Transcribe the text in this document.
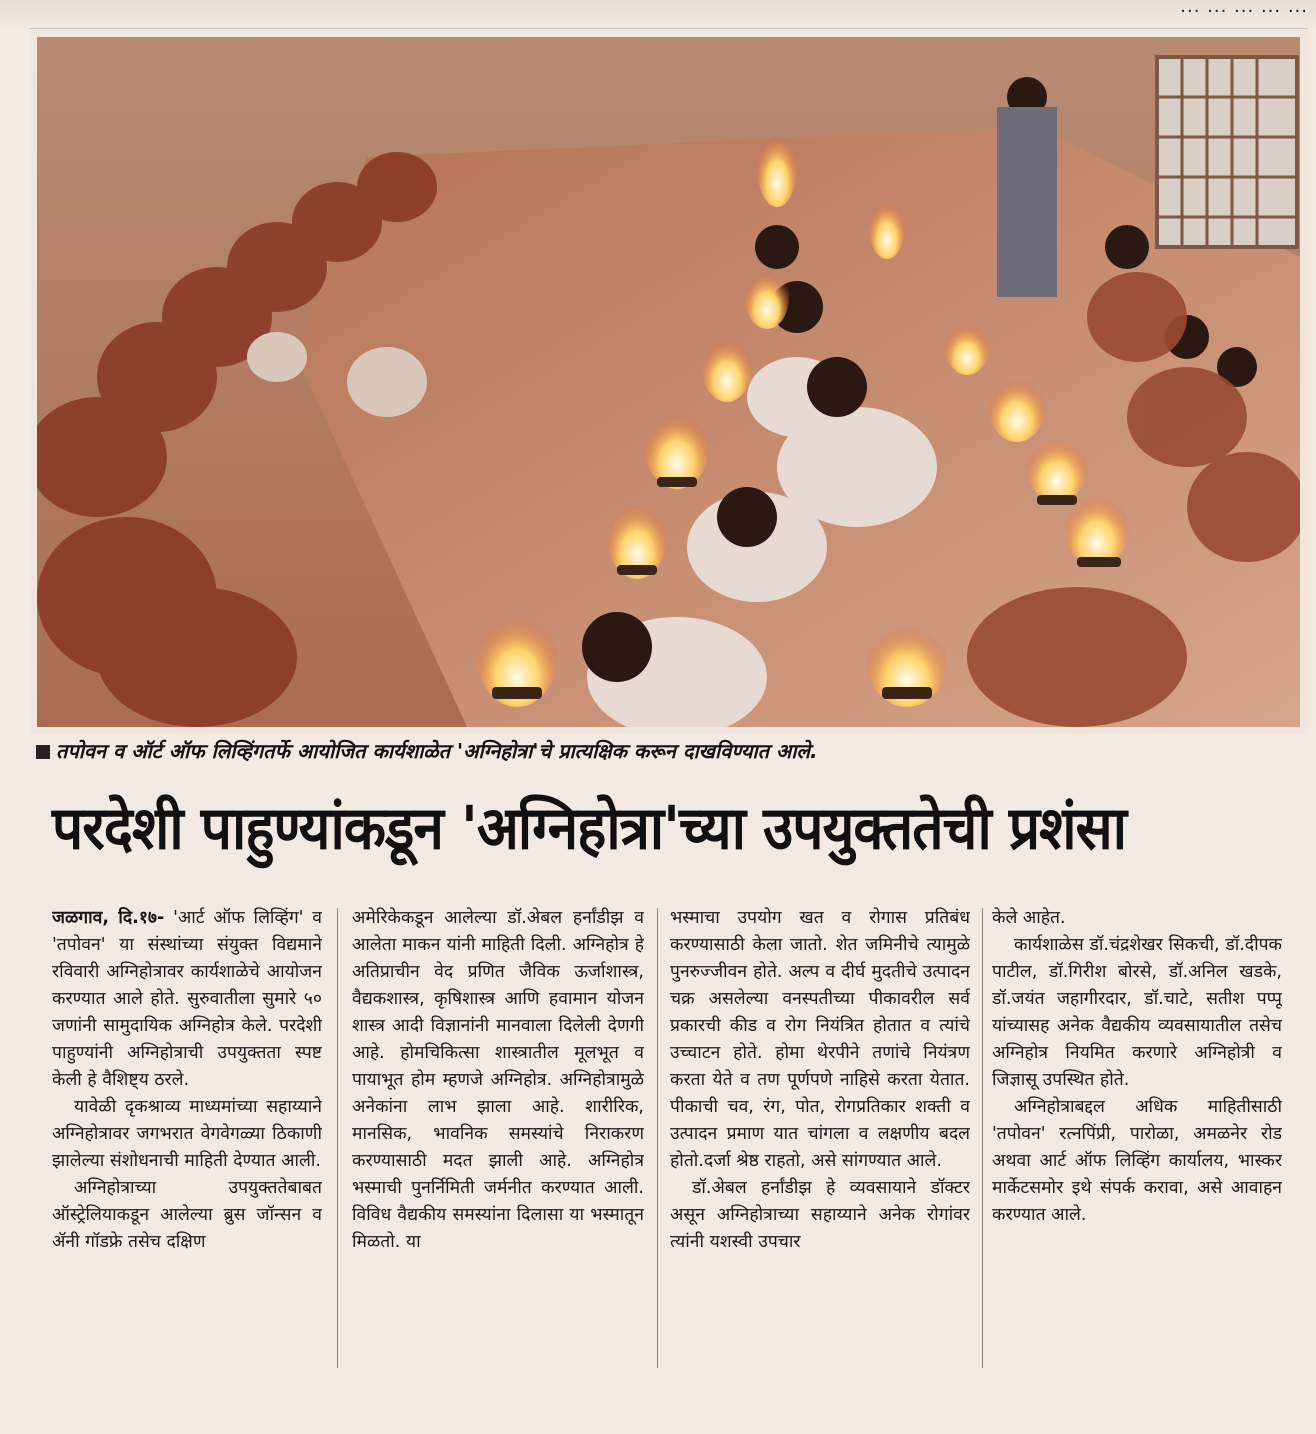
... ... ... ... ...
तपोवन व ऑर्ट ऑफ लिव्हिंगतर्फे आयोजित कार्यशाळेत 'अग्निहोत्रा'चे प्रात्यक्षिक करून दाखविण्यात आले.
परदेशी पाहुण्यांकडून 'अग्निहोत्रा'च्या उपयुक्ततेची प्रशंसा

जळगाव, दि.१७- 'आर्ट ऑफ लिव्हिंग' व 'तपोवन' या संस्थांच्या संयुक्त विद्यमाने रविवारी अग्निहोत्रावर कार्यशाळेचे आयोजन करण्यात आले होते. सुरुवातीला सुमारे ५० जणांनी सामुदायिक अग्निहोत्र केले. परदेशी पाहुण्यांनी अग्निहोत्राची उपयुक्तता स्पष्ट केली हे वैशिष्ट्य ठरले.

यावेळी दृकश्राव्य माध्यमांच्या सहाय्याने अग्निहोत्रावर जगभरात वेगवेगळ्या ठिकाणी झालेल्या संशोधनाची माहिती देण्यात आली.

अग्निहोत्राच्या उपयुक्ततेबाबत ऑस्ट्रेलियाकडून आलेल्या ब्रुस जॉन्सन व ॲनी गॉडफ्रे तसेच दक्षिण

अमेरिकेकडून आलेल्या डॉ.अेबल हर्नांडीझ व आलेता माकन यांनी माहिती दिली. अग्निहोत्र हे अतिप्राचीन वेद प्रणित जैविक ऊर्जाशास्त्र, वैद्यकशास्त्र, कृषिशास्त्र आणि हवामान योजन शास्त्र आदी विज्ञानांनी मानवाला दिलेली देणगी आहे. होमचिकित्सा शास्त्रातील मूलभूत व पायाभूत होम म्हणजे अग्निहोत्र. अग्निहोत्रामुळे अनेकांना लाभ झाला आहे. शारीरिक, मानसिक, भावनिक समस्यांचे निराकरण करण्यासाठी मदत झाली आहे. अग्निहोत्र भस्माची पुनर्निमिती जर्मनीत करण्यात आली. विविध वैद्यकीय समस्यांना दिलासा या भस्मातून मिळतो. या

भस्माचा उपयोग खत व रोगास प्रतिबंध करण्यासाठी केला जातो. शेत जमिनीचे त्यामुळे पुनरुज्जीवन होते. अल्प व दीर्घ मुदतीचे उत्पादन चक्र असलेल्या वनस्पतीच्या पीकावरील सर्व प्रकारची कीड व रोग नियंत्रित होतात व त्यांचे उच्चाटन होते. होमा थेरपीने तणांचे नियंत्रण करता येते व तण पूर्णपणे नाहिसे करता येतात. पीकाची चव, रंग, पोत, रोगप्रतिकार शक्ती व उत्पादन प्रमाण यात चांगला व लक्षणीय बदल होतो.दर्जा श्रेष्ठ राहतो, असे सांगण्यात आले.

डॉ.अेबल हर्नांडीझ हे व्यवसायाने डॉक्टर असून अग्निहोत्राच्या सहाय्याने अनेक रोगांवर त्यांनी यशस्वी उपचार

केले आहेत.

कार्यशाळेस डॉ.चंद्रशेखर सिकची, डॉ.दीपक पाटील, डॉ.गिरीश बोरसे, डॉ.अनिल खडके, डॉ.जयंत जहागीरदार, डॉ.चाटे, सतीश पप्पू यांच्यासह अनेक वैद्यकीय व्यवसायातील तसेच अग्निहोत्र नियमित करणारे अग्निहोत्री व जिज्ञासू उपस्थित होते.

अग्निहोत्राबद्दल अधिक माहितीसाठी 'तपोवन' रत्नपिंप्री, पारोळा, अमळनेर रोड अथवा आर्ट ऑफ लिव्हिंग कार्यालय, भास्कर मार्केटसमोर इथे संपर्क करावा, असे आवाहन करण्यात आले.
